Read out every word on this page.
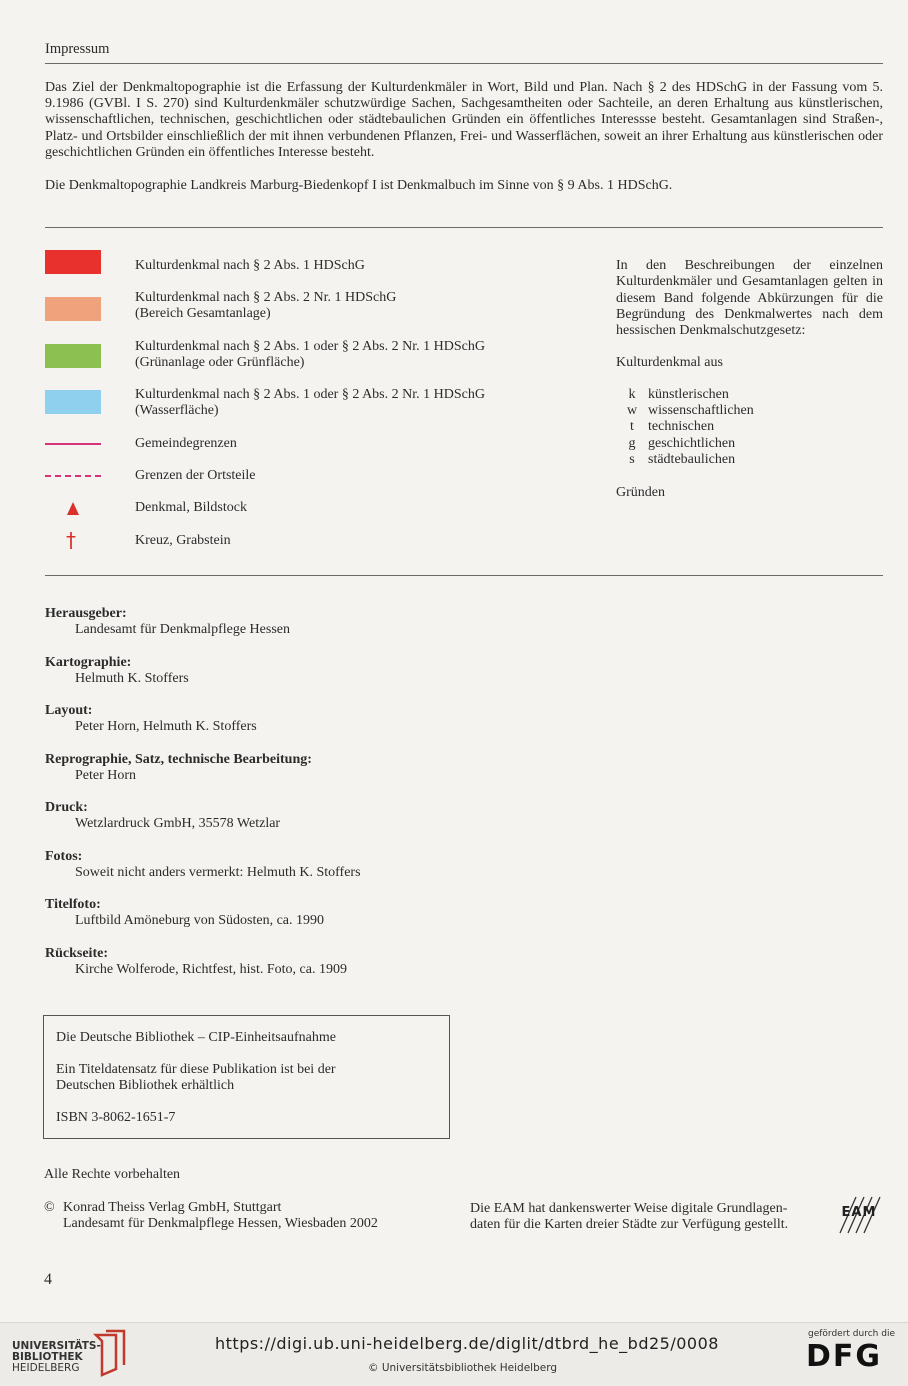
Impressum
Das Ziel der Denkmaltopographie ist die Erfassung der Kulturdenkmäler in Wort, Bild und Plan. Nach § 2 des HDSchG in der Fassung vom 5. 9.1986 (GVBl. I S. 270) sind Kulturdenkmäler schutzwürdige Sachen, Sachgesamtheiten oder Sachteile, an deren Erhaltung aus künstlerischen, wissenschaftlichen, technischen, geschichtlichen oder städtebaulichen Gründen ein öffentliches Interessse besteht. Gesamtanlagen sind Straßen-, Platz- und Ortsbilder einschließlich der mit ihnen verbundenen Pflanzen, Frei- und Wasserflächen, soweit an ihrer Erhaltung aus künstlerischen oder geschichtlichen Gründen ein öffentliches Interesse besteht.
Die Denkmaltopographie Landkreis Marburg-Biedenkopf I ist Denkmalbuch im Sinne von § 9 Abs. 1 HDSchG.
Kulturdenkmal nach § 2 Abs. 1 HDSchG
Kulturdenkmal nach § 2 Abs. 2 Nr. 1 HDSchG
(Bereich Gesamtanlage)
Kulturdenkmal nach § 2 Abs. 1 oder § 2 Abs. 2 Nr. 1 HDSchG
(Grünanlage oder Grünfläche)
Kulturdenkmal nach § 2 Abs. 1 oder § 2 Abs. 2 Nr. 1 HDSchG
(Wasserfläche)
Gemeindegrenzen
Grenzen der Ortsteile
Denkmal, Bildstock
†	Kreuz, Grabstein
In den Beschreibungen der einzelnen Kulturdenkmäler und Gesamtanlagen gelten in diesem Band folgende Abkürzungen für die Begründung des Denkmalwertes nach dem hessischen Denkmalschutzgesetz:
Kulturdenkmal aus
k künstlerischen
w wissenschaftlichen
t technischen
g geschichtlichen
s städtebaulichen
Gründen
Herausgeber:
Landesamt für Denkmalpflege Hessen
Kartographie:
Helmuth K. Stoffers
Layout:
Peter Horn, Helmuth K. Stoffers
Reprographie, Satz, technische Bearbeitung:
Peter Horn
Druck:
Wetzlardruck GmbH, 35578 Wetzlar
Fotos:
Soweit nicht anders vermerkt: Helmuth K. Stoffers
Titelfoto:
Luftbild Amöneburg von Südosten, ca. 1990
Rückseite:
Kirche Wolferode, Richtfest, hist. Foto, ca. 1909
Die Deutsche Bibliothek – CIP-Einheitsaufnahme
Ein Titeldatensatz für diese Publikation ist bei der
Deutschen Bibliothek erhältlich
ISBN 3-8062-1651-7
Alle Rechte vorbehalten
© Konrad Theiss Verlag GmbH, Stuttgart
Landesamt für Denkmalpflege Hessen, Wiesbaden 2002
Die EAM hat dankenswerter Weise digitale Grundlagen-
daten für die Karten dreier Städte zur Verfügung gestellt.
EAM
4
UNIVERSITÄTS-
BIBLIOTHEK
HEIDELBERG
https://digi.ub.uni-heidelberg.de/diglit/dtbrd_he_bd25/0008
© Universitätsbibliothek Heidelberg
gefördert durch die
DFG
